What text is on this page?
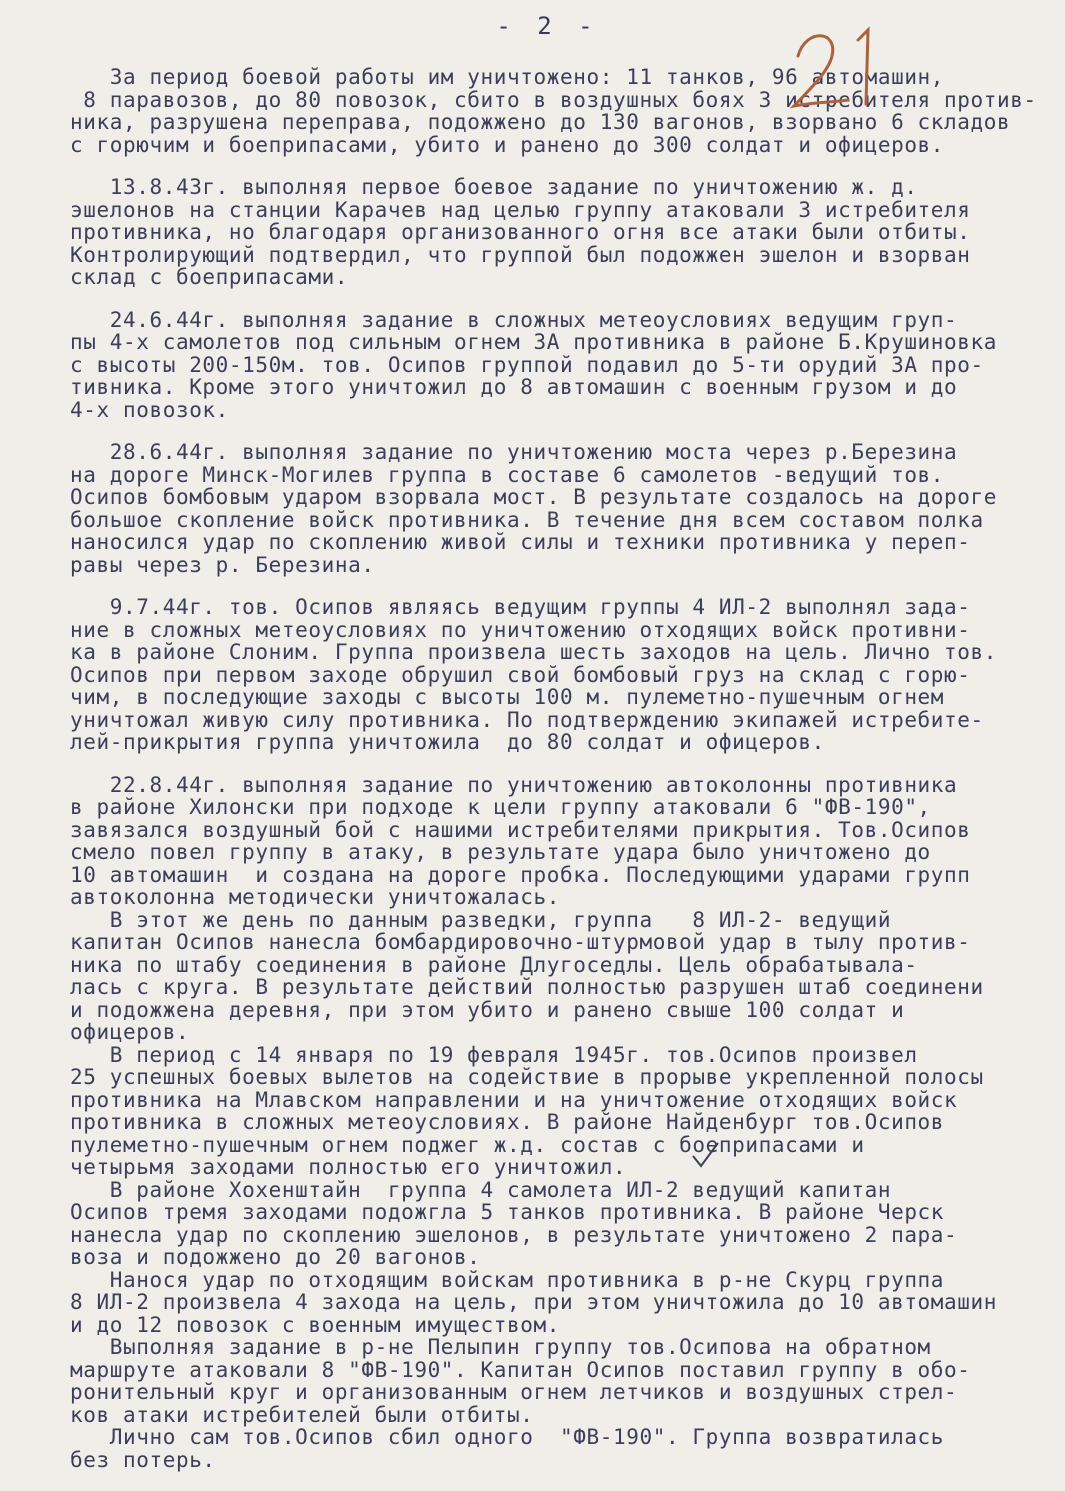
- 2 -
За период боевой работы им уничтожено: 11 танков, 96 автомашин,
8 паравозов, до 80 повозок, сбито в воздушных боях 3 истребителя против-
ника, разрушена переправа, подожжено до 130 вагонов, взорвано 6 складов
с горючим и боеприпасами, убито и ранено до 300 солдат и офицеров.
13.8.43г. выполняя первое боевое задание по уничтожению ж. д.
эшелонов на станции Карачев над целью группу атаковали 3 истребителя
противника, но благодаря организованного огня все атаки были отбиты.
Контролирующий подтвердил, что группой был подожжен эшелон и взорван
склад с боеприпасами.
24.6.44г. выполняя задание в сложных метеоусловиях ведущим груп-
пы 4-х самолетов под сильным огнем ЗА противника в районе Б.Крушиновка
с высоты 200-150м. тов. Осипов группой подавил до 5-ти орудий ЗА про-
тивника. Кроме этого уничтожил до 8 автомашин с военным грузом и до
4-х повозок.
28.6.44г. выполняя задание по уничтожению моста через р.Березина
на дороге Минск-Могилев группа в составе 6 самолетов -ведущий тов.
Осипов бомбовым ударом взорвала мост. В результате создалось на дороге
большое скопление войск противника. В течение дня всем составом полка
наносился удар по скоплению живой силы и техники противника у переп-
равы через р. Березина.
9.7.44г. тов. Осипов являясь ведущим группы 4 ИЛ-2 выполнял зада-
ние в сложных метеоусловиях по уничтожению отходящих войск противни-
ка в районе Слоним. Группа произвела шесть заходов на цель. Лично тов.
Осипов при первом заходе обрушил свой бомбовый груз на склад с горю-
чим, в последующие заходы с высоты 100 м. пулеметно-пушечным огнем
уничтожал живую силу противника. По подтверждению экипажей истребите-
лей-прикрытия группа уничтожила  до 80 солдат и офицеров.
22.8.44г. выполняя задание по уничтожению автоколонны противника
в районе Хилонски при подходе к цели группу атаковали 6 "ФВ-190",
завязался воздушный бой с нашими истребителями прикрытия. Тов.Осипов
смело повел группу в атаку, в результате удара было уничтожено до
10 автомашин  и создана на дороге пробка. Последующими ударами групп
автоколонна методически уничтожалась.
В этот же день по данным разведки, группа   8 ИЛ-2- ведущий
капитан Осипов нанесла бомбардировочно-штурмовой удар в тылу против-
ника по штабу соединения в районе Длугоседлы. Цель обрабатывала-
лась с круга. В результате действий полностью разрушен штаб соединени
и подожжена деревня, при этом убито и ранено свыше 100 солдат и
офицеров.
В период с 14 января по 19 февраля 1945г. тов.Осипов произвел
25 успешных боевых вылетов на содействие в прорыве укрепленной полосы
противника на Млавском направлении и на уничтожение отходящих войск
противника в сложных метеоусловиях. В районе Найденбург тов.Осипов
пулеметно-пушечным огнем поджег ж.д. состав с боеприпасами и
четырьмя заходами полностью его уничтожил.
В районе Хохенштайн  группа 4 самолета ИЛ-2 ведущий капитан
Осипов тремя заходами подожгла 5 танков противника. В районе Черск
нанесла удар по скоплению эшелонов, в результате уничтожено 2 пара-
воза и подожжено до 20 вагонов.
Нанося удар по отходящим войскам противника в р-не Скурц группа
8 ИЛ-2 произвела 4 захода на цель, при этом уничтожила до 10 автомашин
и до 12 повозок с военным имуществом.
Выполняя задание в р-не Пелыпин группу тов.Осипова на обратном
маршруте атаковали 8 "ФВ-190". Капитан Осипов поставил группу в обо-
ронительный круг и организованным огнем летчиков и воздушных стрел-
ков атаки истребителей были отбиты.
Лично сам тов.Осипов сбил одного  "ФВ-190". Группа возвратилась
без потерь.
